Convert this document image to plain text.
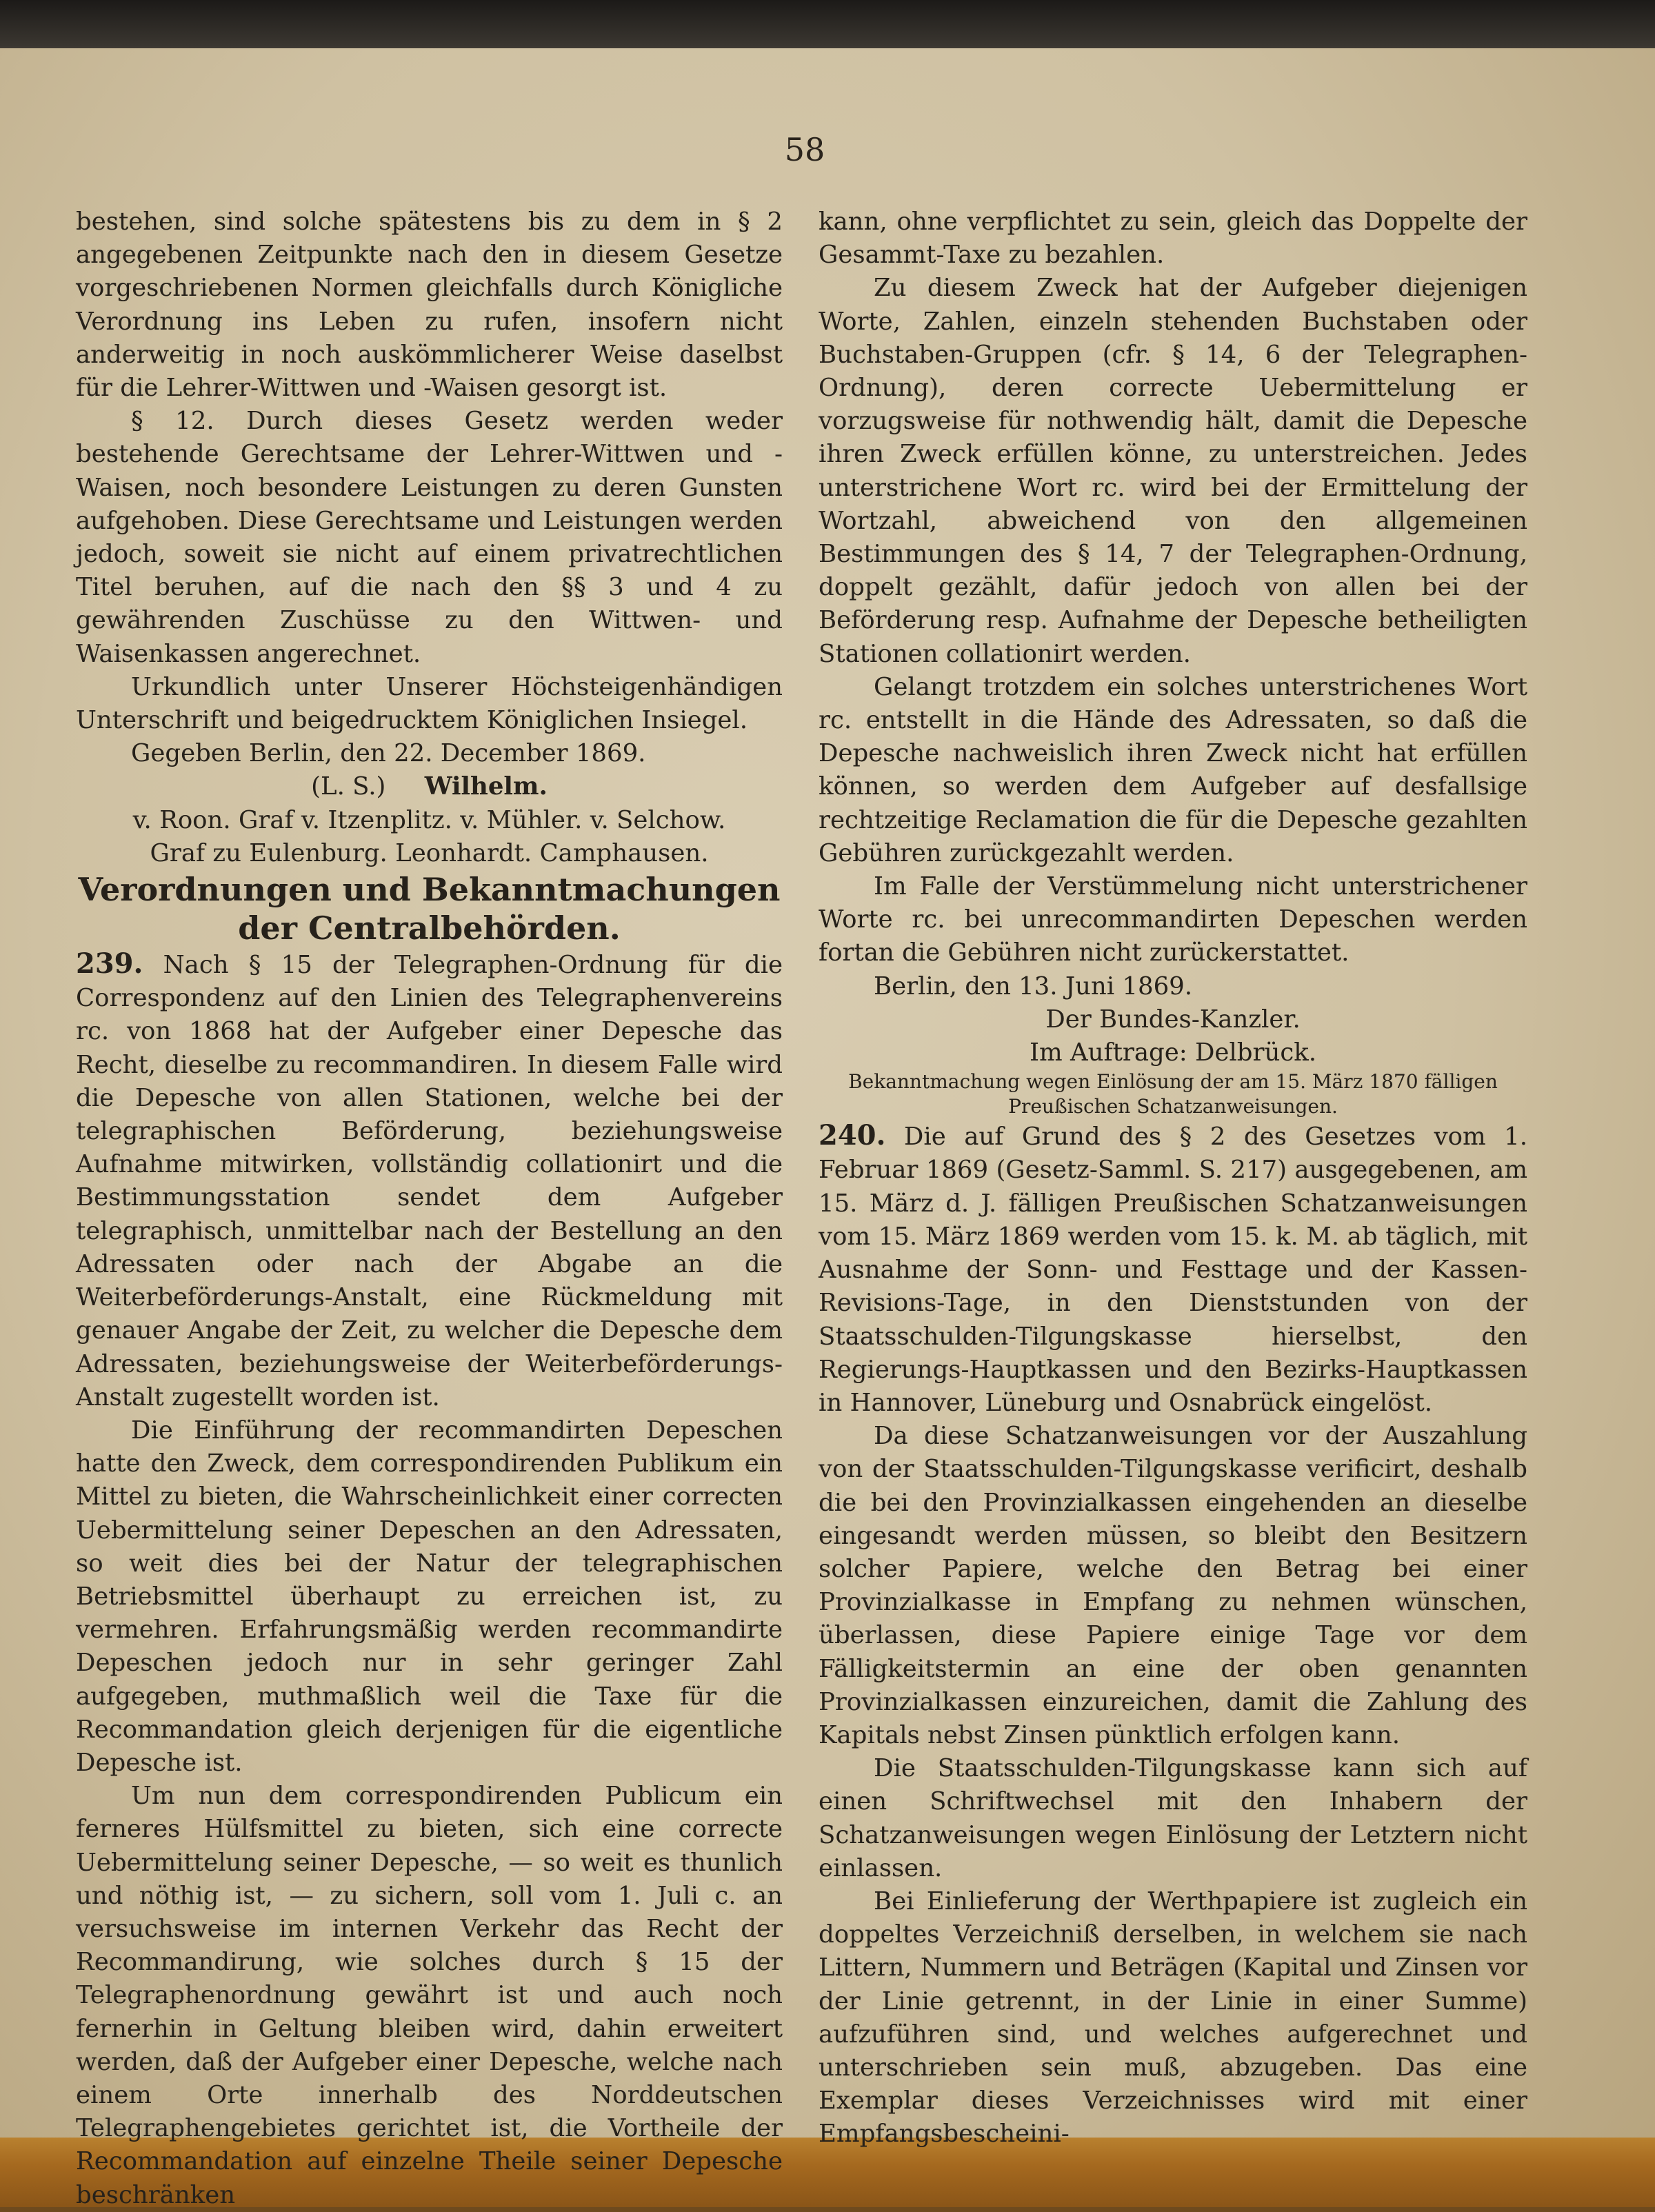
58

bestehen, sind solche spätestens bis zu dem in § 2 angegebenen Zeitpunkte nach den in diesem Gesetze vorgeschriebenen Normen gleichfalls durch Königliche Verordnung ins Leben zu rufen, insofern nicht anderweitig in noch auskömmlicherer Weise daselbst für die Lehrer-Wittwen und -Waisen gesorgt ist.

§ 12. Durch dieses Gesetz werden weder bestehende Gerechtsame der Lehrer-Wittwen und -Waisen, noch besondere Leistungen zu deren Gunsten aufgehoben. Diese Gerechtsame und Leistungen werden jedoch, soweit sie nicht auf einem privatrechtlichen Titel beruhen, auf die nach den §§ 3 und 4 zu gewährenden Zuschüsse zu den Wittwen- und Waisenkassen angerechnet.

Urkundlich unter Unserer Höchsteigenhändigen Unterschrift und beigedrucktem Königlichen Insiegel.

Gegeben Berlin, den 22. December 1869.

(L. S.) Wilhelm.

v. Roon. Graf v. Itzenplitz. v. Mühler. v. Selchow.

Graf zu Eulenburg. Leonhardt. Camphausen.

Verordnungen und Bekanntmachungen der Centralbehörden.

239. Nach § 15 der Telegraphen-Ordnung für die Correspondenz auf den Linien des Telegraphenvereins rc. von 1868 hat der Aufgeber einer Depesche das Recht, dieselbe zu recommandiren. In diesem Falle wird die Depesche von allen Stationen, welche bei der telegraphischen Beförderung, beziehungsweise Aufnahme mitwirken, vollständig collationirt und die Bestimmungsstation sendet dem Aufgeber telegraphisch, unmittelbar nach der Bestellung an den Adressaten oder nach der Abgabe an die Weiterbeförderungs-Anstalt, eine Rückmeldung mit genauer Angabe der Zeit, zu welcher die Depesche dem Adressaten, beziehungsweise der Weiterbeförderungs-Anstalt zugestellt worden ist.

Die Einführung der recommandirten Depeschen hatte den Zweck, dem correspondirenden Publikum ein Mittel zu bieten, die Wahrscheinlichkeit einer correcten Uebermittelung seiner Depeschen an den Adressaten, so weit dies bei der Natur der telegraphischen Betriebsmittel überhaupt zu erreichen ist, zu vermehren. Erfahrungsmäßig werden recommandirte Depeschen jedoch nur in sehr geringer Zahl aufgegeben, muthmaßlich weil die Taxe für die Recommandation gleich derjenigen für die eigentliche Depesche ist.

Um nun dem correspondirenden Publicum ein ferneres Hülfsmittel zu bieten, sich eine correcte Uebermittelung seiner Depesche, — so weit es thunlich und nöthig ist, — zu sichern, soll vom 1. Juli c. an versuchsweise im internen Verkehr das Recht der Recommandirung, wie solches durch § 15 der Telegraphenordnung gewährt ist und auch noch fernerhin in Geltung bleiben wird, dahin erweitert werden, daß der Aufgeber einer Depesche, welche nach einem Orte innerhalb des Norddeutschen Telegraphengebietes gerichtet ist, die Vortheile der Recommandation auf einzelne Theile seiner Depesche beschränken

kann, ohne verpflichtet zu sein, gleich das Doppelte der Gesammt-Taxe zu bezahlen.

Zu diesem Zweck hat der Aufgeber diejenigen Worte, Zahlen, einzeln stehenden Buchstaben oder Buchstaben-Gruppen (cfr. § 14, 6 der Telegraphen-Ordnung), deren correcte Uebermittelung er vorzugsweise für nothwendig hält, damit die Depesche ihren Zweck erfüllen könne, zu unterstreichen. Jedes unterstrichene Wort rc. wird bei der Ermittelung der Wortzahl, abweichend von den allgemeinen Bestimmungen des § 14, 7 der Telegraphen-Ordnung, doppelt gezählt, dafür jedoch von allen bei der Beförderung resp. Aufnahme der Depesche betheiligten Stationen collationirt werden.

Gelangt trotzdem ein solches unterstrichenes Wort rc. entstellt in die Hände des Adressaten, so daß die Depesche nachweislich ihren Zweck nicht hat erfüllen können, so werden dem Aufgeber auf desfallsige rechtzeitige Reclamation die für die Depesche gezahlten Gebühren zurückgezahlt werden.

Im Falle der Verstümmelung nicht unterstrichener Worte rc. bei unrecommandirten Depeschen werden fortan die Gebühren nicht zurückerstattet.

Berlin, den 13. Juni 1869.

Der Bundes-Kanzler.

Im Auftrage: Delbrück.

Bekanntmachung wegen Einlösung der am 15. März 1870 fälligen Preußischen Schatzanweisungen.

240. Die auf Grund des § 2 des Gesetzes vom 1. Februar 1869 (Gesetz-Samml. S. 217) ausgegebenen, am 15. März d. J. fälligen Preußischen Schatzanweisungen vom 15. März 1869 werden vom 15. k. M. ab täglich, mit Ausnahme der Sonn- und Festtage und der Kassen-Revisions-Tage, in den Dienststunden von der Staatsschulden-Tilgungskasse hierselbst, den Regierungs-Hauptkassen und den Bezirks-Hauptkassen in Hannover, Lüneburg und Osnabrück eingelöst.

Da diese Schatzanweisungen vor der Auszahlung von der Staatsschulden-Tilgungskasse verificirt, deshalb die bei den Provinzialkassen eingehenden an dieselbe eingesandt werden müssen, so bleibt den Besitzern solcher Papiere, welche den Betrag bei einer Provinzialkasse in Empfang zu nehmen wünschen, überlassen, diese Papiere einige Tage vor dem Fälligkeitstermin an eine der oben genannten Provinzialkassen einzureichen, damit die Zahlung des Kapitals nebst Zinsen pünktlich erfolgen kann.

Die Staatsschulden-Tilgungskasse kann sich auf einen Schriftwechsel mit den Inhabern der Schatzanweisungen wegen Einlösung der Letztern nicht einlassen.

Bei Einlieferung der Werthpapiere ist zugleich ein doppeltes Verzeichniß derselben, in welchem sie nach Littern, Nummern und Beträgen (Kapital und Zinsen vor der Linie getrennt, in der Linie in einer Summe) aufzuführen sind, und welches aufgerechnet und unterschrieben sein muß, abzugeben. Das eine Exemplar dieses Verzeichnisses wird mit einer Empfangsbescheini-
